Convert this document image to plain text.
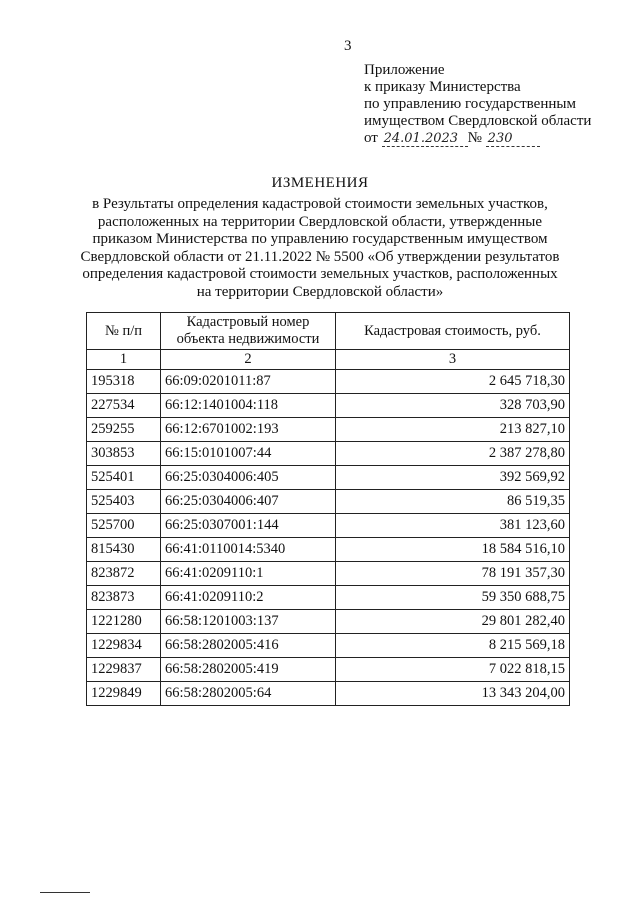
3
Приложение
к приказу Министерства
по управлению государственным
имуществом Свердловской области
от 24.01.2023 № 230
ИЗМЕНЕНИЯ
в Результаты определения кадастровой стоимости земельных участков, расположенных на территории Свердловской области, утвержденные приказом Министерства по управлению государственным имуществом Свердловской области от 21.11.2022 № 5500 «Об утверждении результатов определения кадастровой стоимости земельных участков, расположенных на территории Свердловской области»
№ п/п	Кадастровый номер объекта недвижимости	Кадастровая стоимость, руб.
1	2	3
195318	66:09:0201011:87	2 645 718,30
227534	66:12:1401004:118	328 703,90
259255	66:12:6701002:193	213 827,10
303853	66:15:0101007:44	2 387 278,80
525401	66:25:0304006:405	392 569,92
525403	66:25:0304006:407	86 519,35
525700	66:25:0307001:144	381 123,60
815430	66:41:0110014:5340	18 584 516,10
823872	66:41:0209110:1	78 191 357,30
823873	66:41:0209110:2	59 350 688,75
1221280	66:58:1201003:137	29 801 282,40
1229834	66:58:2802005:416	8 215 569,18
1229837	66:58:2802005:419	7 022 818,15
1229849	66:58:2802005:64	13 343 204,00
